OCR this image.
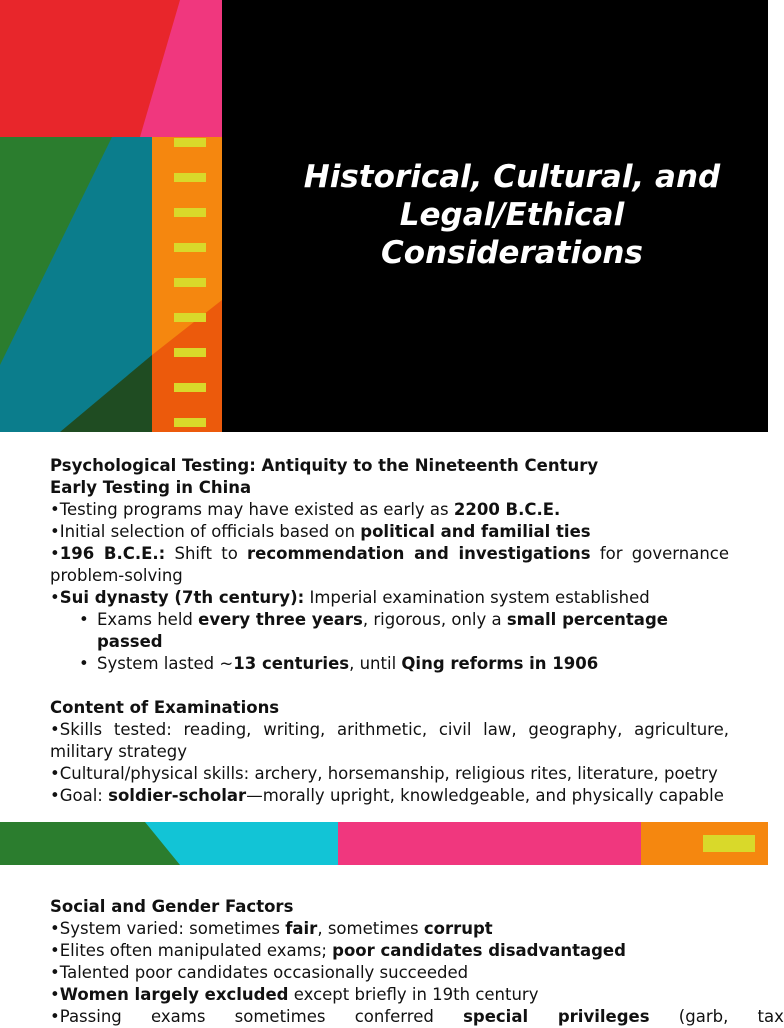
Historical, Cultural, and Legal/Ethical Considerations

Psychological Testing: Antiquity to the Nineteenth Century

Early Testing in China

•Testing programs may have existed as early as 2200 B.C.E.

•Initial selection of officials based on political and familial ties

•196 B.C.E.: Shift to recommendation and investigations for governance problem-solving

•Sui dynasty (7th century): Imperial examination system established

• Exams held every three years, rigorous, only a small percentage passed
• System lasted ~13 centuries, until Qing reforms in 1906

Content of Examinations

•Skills tested: reading, writing, arithmetic, civil law, geography, agriculture, military strategy

•Cultural/physical skills: archery, horsemanship, religious rites, literature, poetry

•Goal: soldier-scholar—morally upright, knowledgeable, and physically capable

Social and Gender Factors

•System varied: sometimes fair, sometimes corrupt

•Elites often manipulated exams; poor candidates disadvantaged

•Talented poor candidates occasionally succeeded

•Women largely excluded except briefly in 19th century

•Passing exams sometimes conferred special privileges (garb, tax
